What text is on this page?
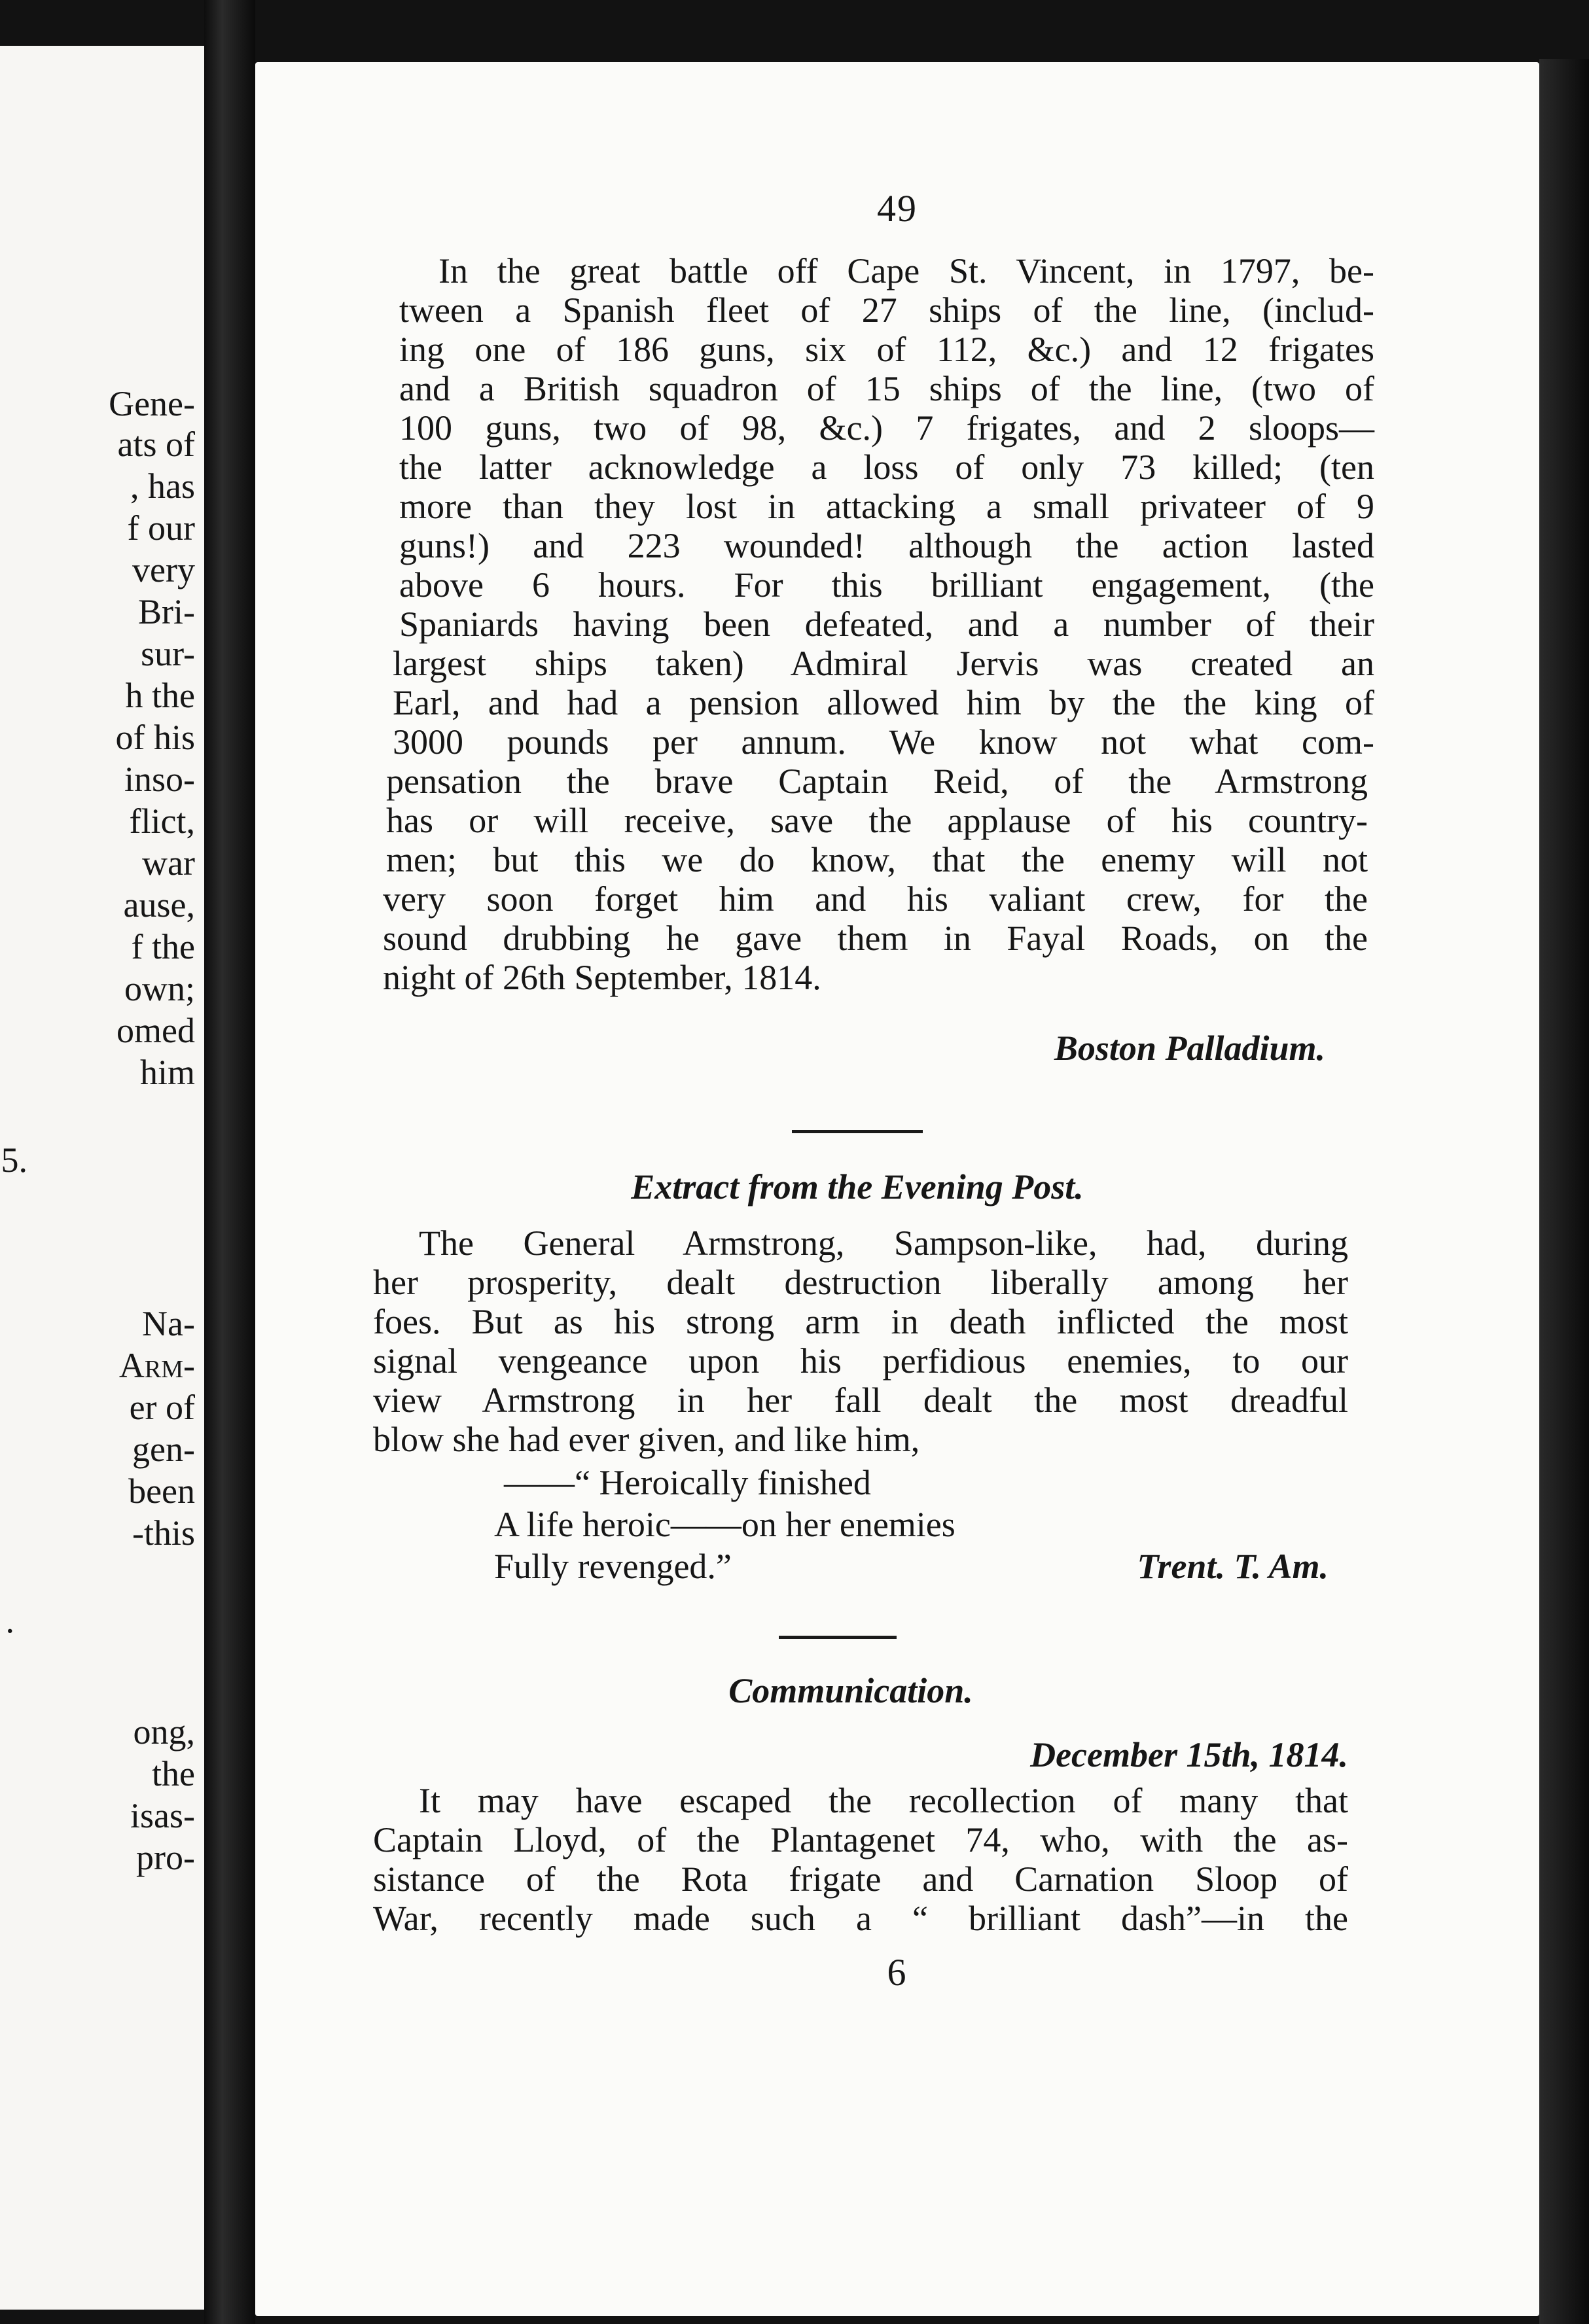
Gene-
ats of
, has
f our
very
Bri-
sur-
h the
of his
inso-
flict,
war
ause,
f the
own;
omed
him
5.
Na-
Arm-
er of
gen-
been
-this
.
ong,
the
isas-
pro-
49
In the great battle off Cape St. Vincent, in 1797, be-
tween a Spanish fleet of 27 ships of the line, (includ-
ing one of 186 guns, six of 112, &c.) and 12 frigates
and a British squadron of 15 ships of the line, (two of
100 guns, two of 98, &c.) 7 frigates, and 2 sloops—
the latter acknowledge a loss of only 73 killed; (ten
more than they lost in attacking a small privateer of 9
guns!) and 223 wounded! although the action lasted
above 6 hours. For this brilliant engagement, (the
Spaniards having been defeated, and a number of their
largest ships taken) Admiral Jervis was created an
Earl, and had a pension allowed him by the the king of
3000 pounds per annum. We know not what com-
pensation the brave Captain Reid, of the Armstrong
has or will receive, save the applause of his country-
men; but this we do know, that the enemy will not
very soon forget him and his valiant crew, for the
sound drubbing he gave them in Fayal Roads, on the
night of 26th September, 1814.
Boston Palladium.
Extract from the Evening Post.
The General Armstrong, Sampson-like, had, during
her prosperity, dealt destruction liberally among her
foes. But as his strong arm in death inflicted the most
signal vengeance upon his perfidious enemies, to our
view Armstrong in her fall dealt the most dreadful
blow she had ever given, and like him,
——“ Heroically finished
A life heroic——on her enemies
Fully revenged.”	Trent. T. Am.
Communication.
December 15th, 1814.
It may have escaped the recollection of many that
Captain Lloyd, of the Plantagenet 74, who, with the as-
sistance of the Rota frigate and Carnation Sloop of
War, recently made such a “ brilliant dash”—in the
6
